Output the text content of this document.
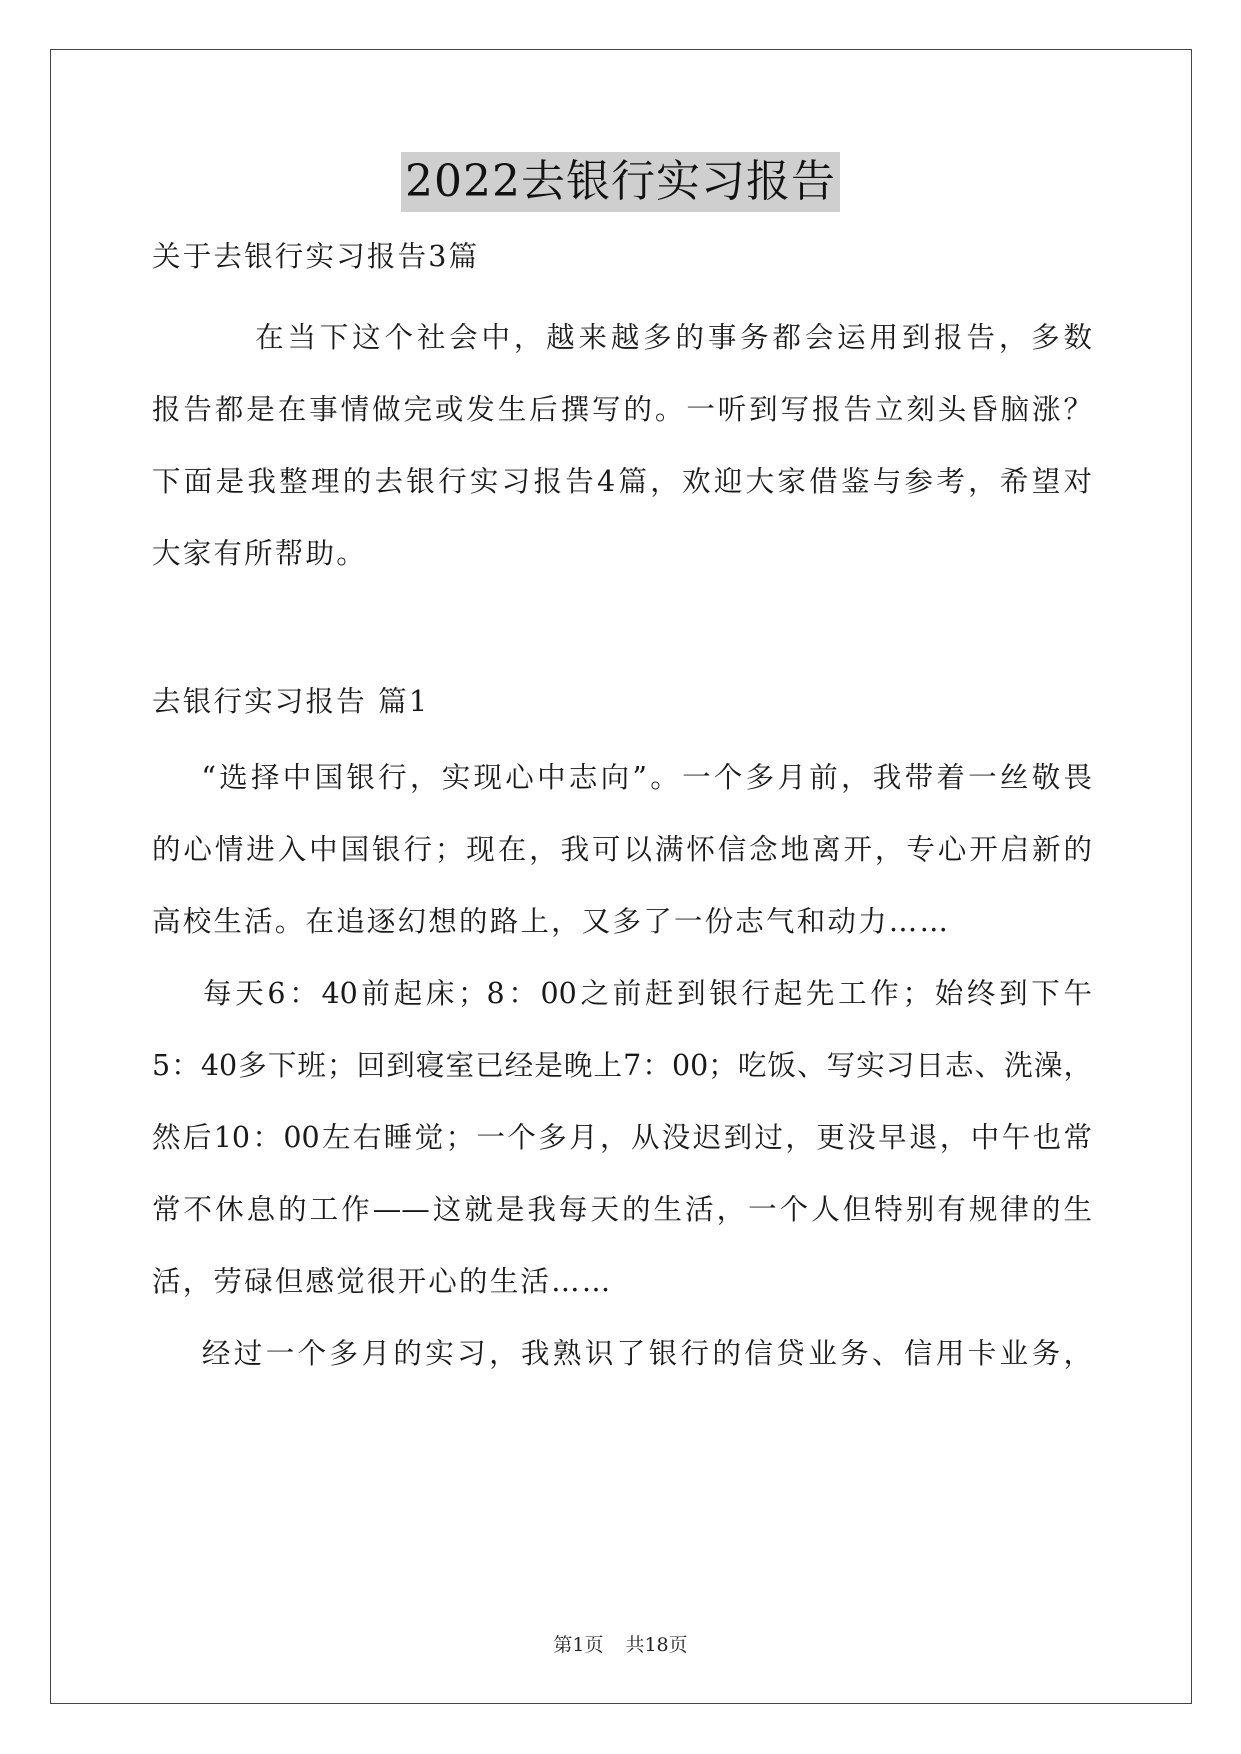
2022去银行实习报告
关于去银行实习报告3篇
在当下这个社会中，越来越多的事务都会运用到报告，多数
报告都是在事情做完或发生后撰写的。一听到写报告立刻头昏脑涨？
下面是我整理的去银行实习报告4篇，欢迎大家借鉴与参考，希望对
大家有所帮助。
去银行实习报告 篇1
“选择中国银行，实现心中志向”。一个多月前，我带着一丝敬畏
的心情进入中国银行；现在，我可以满怀信念地离开，专心开启新的
高校生活。在追逐幻想的路上，又多了一份志气和动力……
每天6：40前起床；8：00之前赶到银行起先工作；始终到下午
5：40多下班；回到寝室已经是晚上7：00；吃饭、写实习日志、洗澡，
然后10：00左右睡觉；一个多月，从没迟到过，更没早退，中午也常
常不休息的工作——这就是我每天的生活，一个人但特别有规律的生
活，劳碌但感觉很开心的生活……
经过一个多月的实习，我熟识了银行的信贷业务、信用卡业务，
第1页 共18页
